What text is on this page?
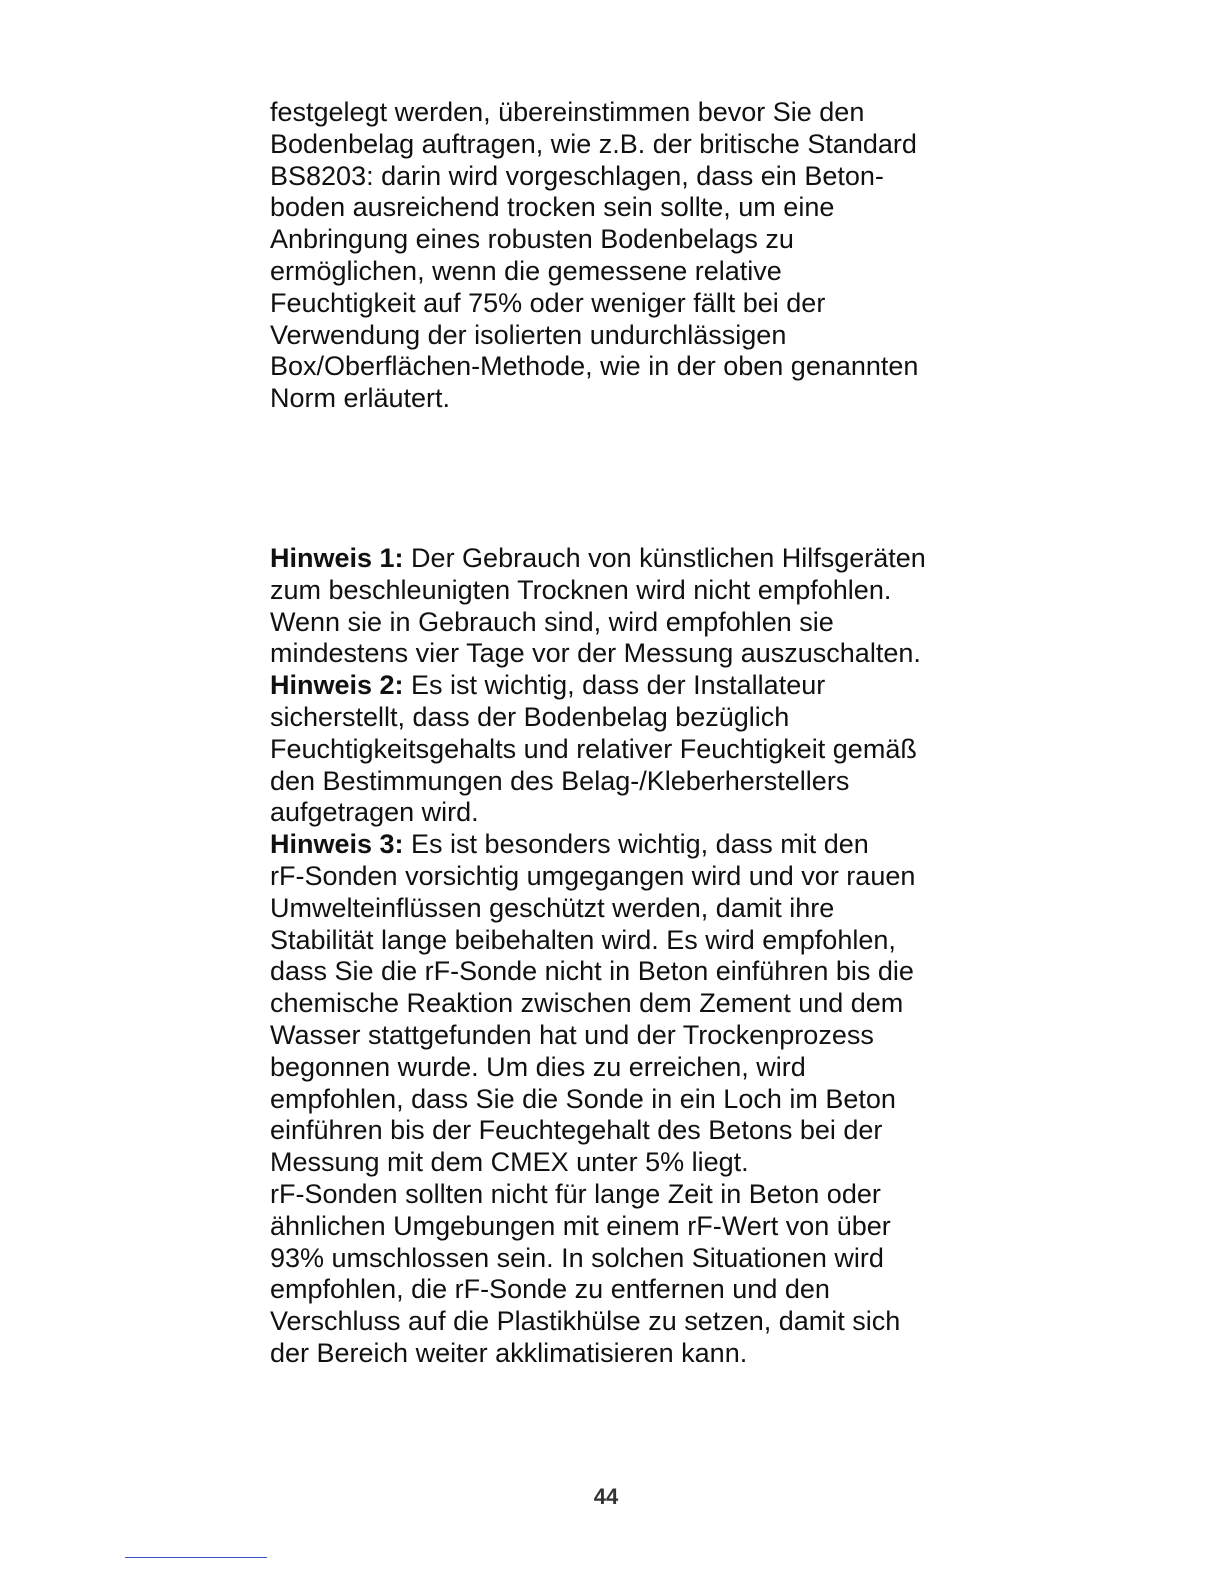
festgelegt werden, übereinstimmen bevor Sie den
Bodenbelag auftragen, wie z.B. der britische Standard
BS8203: darin wird vorgeschlagen, dass ein Beton-
boden ausreichend trocken sein sollte, um eine
Anbringung eines robusten Bodenbelags zu
ermöglichen, wenn die gemessene relative
Feuchtigkeit auf 75% oder weniger fällt bei der
Verwendung der isolierten undurchlässigen
Box/Oberflächen-Methode, wie in der oben genannten
Norm erläutert.
Hinweis 1: Der Gebrauch von künstlichen Hilfsgeräten
zum beschleunigten Trocknen wird nicht empfohlen.
Wenn sie in Gebrauch sind, wird empfohlen sie
mindestens vier Tage vor der Messung auszuschalten.
Hinweis 2: Es ist wichtig, dass der Installateur
sicherstellt, dass der Bodenbelag bezüglich
Feuchtigkeitsgehalts und relativer Feuchtigkeit gemäß
den Bestimmungen des Belag-/Kleberherstellers
aufgetragen wird.
Hinweis 3: Es ist besonders wichtig, dass mit den
rF-Sonden vorsichtig umgegangen wird und vor rauen
Umwelteinflüssen geschützt werden, damit ihre
Stabilität lange beibehalten wird. Es wird empfohlen,
dass Sie die rF-Sonde nicht in Beton einführen bis die
chemische Reaktion zwischen dem Zement und dem
Wasser stattgefunden hat und der Trockenprozess
begonnen wurde. Um dies zu erreichen, wird
empfohlen, dass Sie die Sonde in ein Loch im Beton
einführen bis der Feuchtegehalt des Betons bei der
Messung mit dem CMEX unter 5% liegt.
rF-Sonden sollten nicht für lange Zeit in Beton oder
ähnlichen Umgebungen mit einem rF-Wert von über
93% umschlossen sein. In solchen Situationen wird
empfohlen, die rF-Sonde zu entfernen und den
Verschluss auf die Plastikhülse zu setzen, damit sich
der Bereich weiter akklimatisieren kann.
44
